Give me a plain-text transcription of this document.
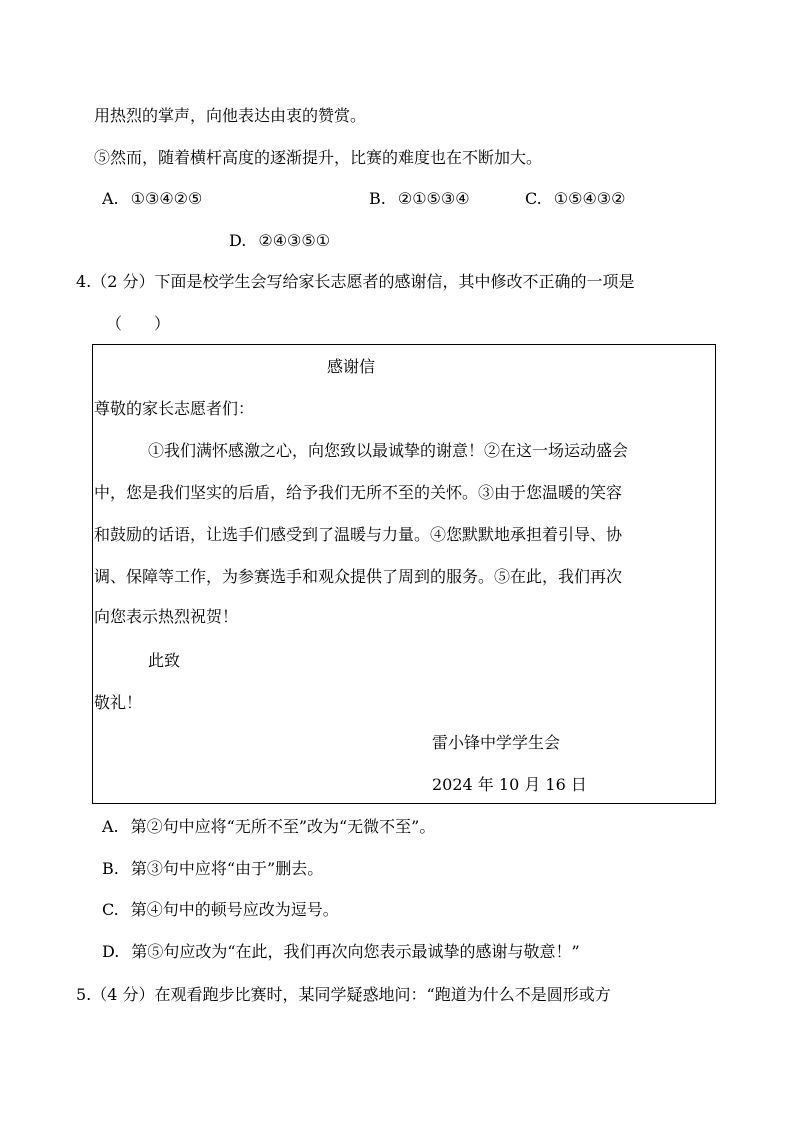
用热烈的掌声，向他表达由衷的赞赏。
⑤然而，随着横杆高度的逐渐提升，比赛的难度也在不断加大。
A. ①③④②⑤	B. ②①⑤③④	C. ①⑤④③②
D. ②④③⑤①
4.（2 分）下面是校学生会写给家长志愿者的感谢信，其中修改不正确的一项是
（　　）
感谢信
尊敬的家长志愿者们：
①我们满怀感激之心，向您致以最诚挚的谢意！②在这一场运动盛会
中，您是我们坚实的后盾，给予我们无所不至的关怀。③由于您温暖的笑容
和鼓励的话语，让选手们感受到了温暖与力量。④您默默地承担着引导、协
调、保障等工作，为参赛选手和观众提供了周到的服务。⑤在此，我们再次
向您表示热烈祝贺！
此致
敬礼！
雷小锋中学学生会
2024 年 10 月 16 日
A. 第②句中应将“无所不至”改为“无微不至”。
B. 第③句中应将“由于”删去。
C. 第④句中的顿号应改为逗号。
D. 第⑤句应改为“在此，我们再次向您表示最诚挚的感谢与敬意！”
5.（4 分）在观看跑步比赛时，某同学疑惑地问：“跑道为什么不是圆形或方
